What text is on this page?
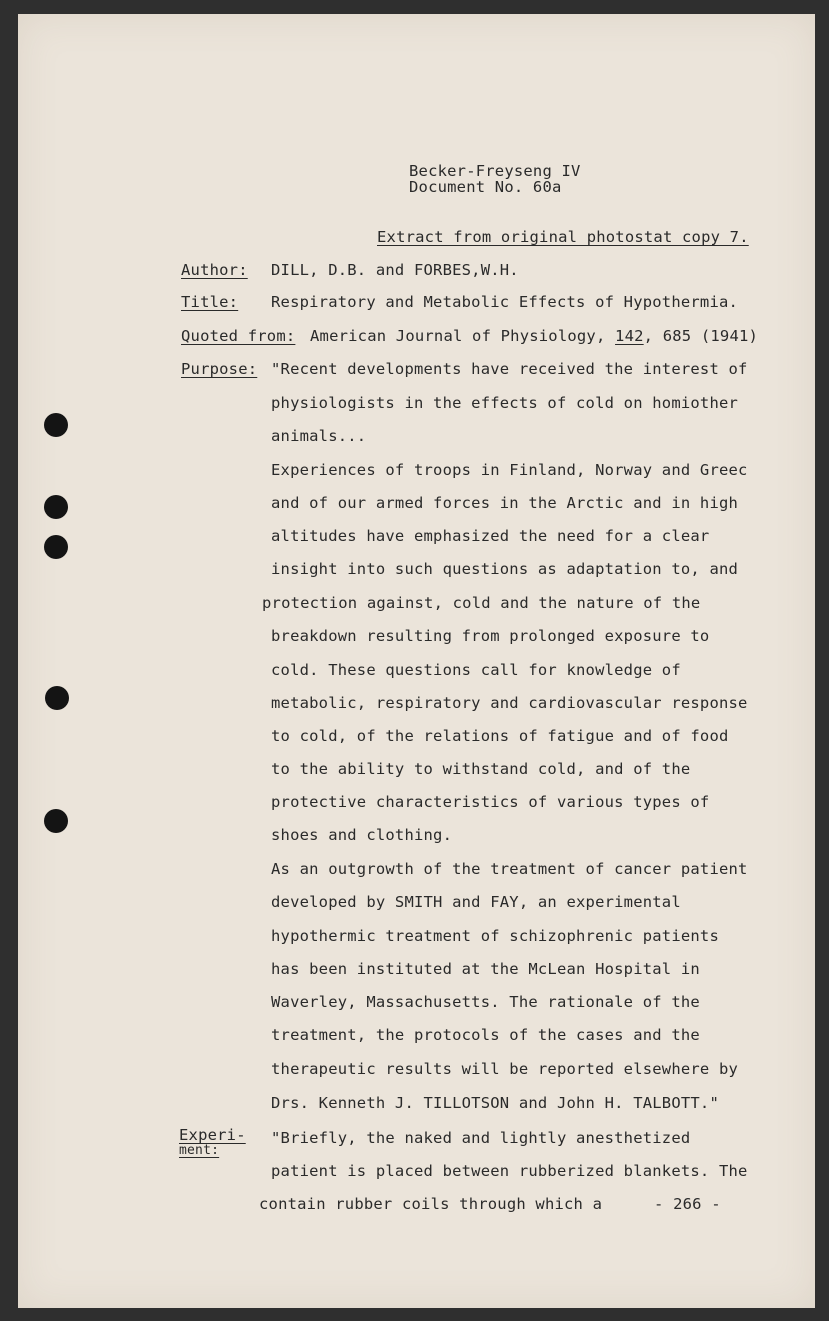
Becker-Freyseng IV
Document No. 60a
Extract from original photostat copy 7.
Author: DILL, D.B. and FORBES,W.H.
Title: Respiratory and Metabolic Effects of Hypothermia.
Quoted from: American Journal of Physiology, 142, 685 (1941)
Purpose: "Recent developments have received the interest of
physiologists in the effects of cold on homiother
animals...
Experiences of troops in Finland, Norway and Greec
and of our armed forces in the Arctic and in high
altitudes have emphasized the need for a clear
insight into such questions as adaptation to, and
protection against, cold and the nature of the
breakdown resulting from prolonged exposure to
cold. These questions call for knowledge of
metabolic, respiratory and cardiovascular response
to cold, of the relations of fatigue and of food
to the ability to withstand cold, and of the
protective characteristics of various types of
shoes and clothing.
As an outgrowth of the treatment of cancer patient
developed by SMITH and FAY, an experimental
hypothermic treatment of schizophrenic patients
has been instituted at the McLean Hospital in
Waverley, Massachusetts. The rationale of the
treatment, the protocols of the cases and the
therapeutic results will be reported elsewhere by
Drs. Kenneth J. TILLOTSON and John H. TALBOTT."
"Briefly, the naked and lightly anesthetized
patient is placed between rubberized blankets. The
contain rubber coils through which a
Experi-
ment:
- 266 -
